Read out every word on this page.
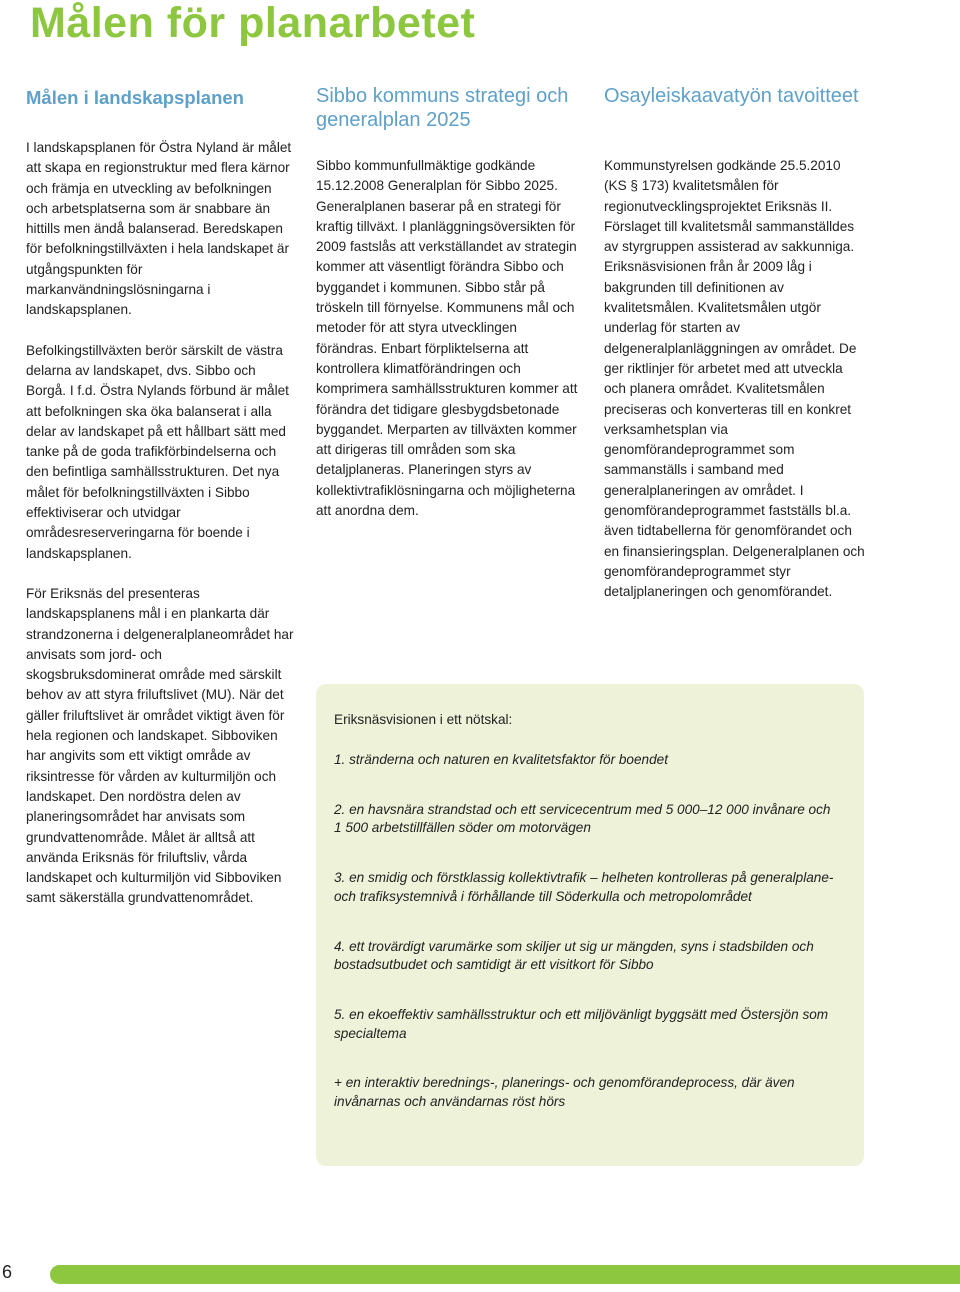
Målen för planarbetet
Målen i landskapsplanen

I landskapsplanen för Östra Nyland är målet att skapa en regionstruktur med flera kärnor och främja en utveckling av befolkningen och arbetsplatserna som är snabbare än hittills men ändå balanserad. Beredskapen för befolkningstillväxten i hela landskapet är utgångspunkten för markanvändningslösningarna i landskapsplanen.

Befolkingstillväxten berör särskilt de västra delarna av landskapet, dvs. Sibbo och Borgå. I f.d. Östra Nylands förbund är målet att befolkningen ska öka balanserat i alla delar av landskapet på ett hållbart sätt med tanke på de goda trafikförbindelserna och den befintliga samhällsstrukturen. Det nya målet för befolkningstillväxten i Sibbo effektiviserar och utvidgar områdesreserveringarna för boende i landskapsplanen.

För Eriksnäs del presenteras landskapsplanens mål i en plankarta där strandzonerna i delgeneralplaneområdet har anvisats som jord- och skogsbruksdominerat område med särskilt behov av att styra friluftslivet (MU). När det gäller friluftslivet är området viktigt även för hela regionen och landskapet. Sibboviken har angivits som ett viktigt område av riksintresse för vården av kulturmiljön och landskapet. Den nordöstra delen av planeringsområdet har anvisats som grundvattenområde. Målet är alltså att använda Eriksnäs för friluftsliv, vårda landskapet och kulturmiljön vid Sibboviken samt säkerställa grundvattenområdet.

Sibbo kommuns strategi och generalplan 2025

Sibbo kommunfullmäktige godkände 15.12.2008 Generalplan för Sibbo 2025. Generalplanen baserar på en strategi för kraftig tillväxt. I planläggningsöversikten för 2009 fastslås att verkställandet av strategin kommer att väsentligt förändra Sibbo och byggandet i kommunen. Sibbo står på tröskeln till förnyelse. Kommunens mål och metoder för att styra utvecklingen förändras. Enbart förpliktelserna att kontrollera klimatförändringen och komprimera samhällsstrukturen kommer att förändra det tidigare glesbygdsbetonade byggandet. Merparten av tillväxten kommer att dirigeras till områden som ska detaljplaneras. Planeringen styrs av kollektivtrafiklösningarna och möjligheterna att anordna dem.

Osayleiskaavatyön tavoitteet

Kommunstyrelsen godkände 25.5.2010 (KS § 173) kvalitetsmålen för regionutvecklingsprojektet Eriksnäs II. Förslaget till kvalitetsmål sammanställdes av styrgruppen assisterad av sakkunniga. Eriksnäsvisionen från år 2009 låg i bakgrunden till definitionen av kvalitetsmålen. Kvalitetsmålen utgör underlag för starten av delgeneralplanläggningen av området. De ger riktlinjer för arbetet med att utveckla och planera området. Kvalitetsmålen preciseras och konverteras till en konkret verksamhetsplan via genomförandeprogrammet som sammanställs i samband med generalplaneringen av området. I genomförandeprogrammet fastställs bl.a. även tidtabellerna för genomförandet och en finansieringsplan. Delgeneralplanen och genomförandeprogrammet styr detaljplaneringen och genomförandet.

Eriksnäsvisionen i ett nötskal:

1. stränderna och naturen en kvalitetsfaktor för boendet

2. en havsnära strandstad och ett servicecentrum med 5 000–12 000 invånare och 1 500 arbetstillfällen söder om motorvägen

3. en smidig och förstklassig kollektivtrafik – helheten kontrolleras på generalplane- och trafiksystemnivå i förhållande till Söderkulla och metropolområdet

4. ett trovärdigt varumärke som skiljer ut sig ur mängden, syns i stadsbilden och bostadsutbudet och samtidigt är ett visitkort för Sibbo

5. en ekoeffektiv samhällsstruktur och ett miljövänligt byggsätt med Östersjön som specialtema

+ en interaktiv berednings-, planerings- och genomförandeprocess, där även invånarnas och användarnas röst hörs

6
